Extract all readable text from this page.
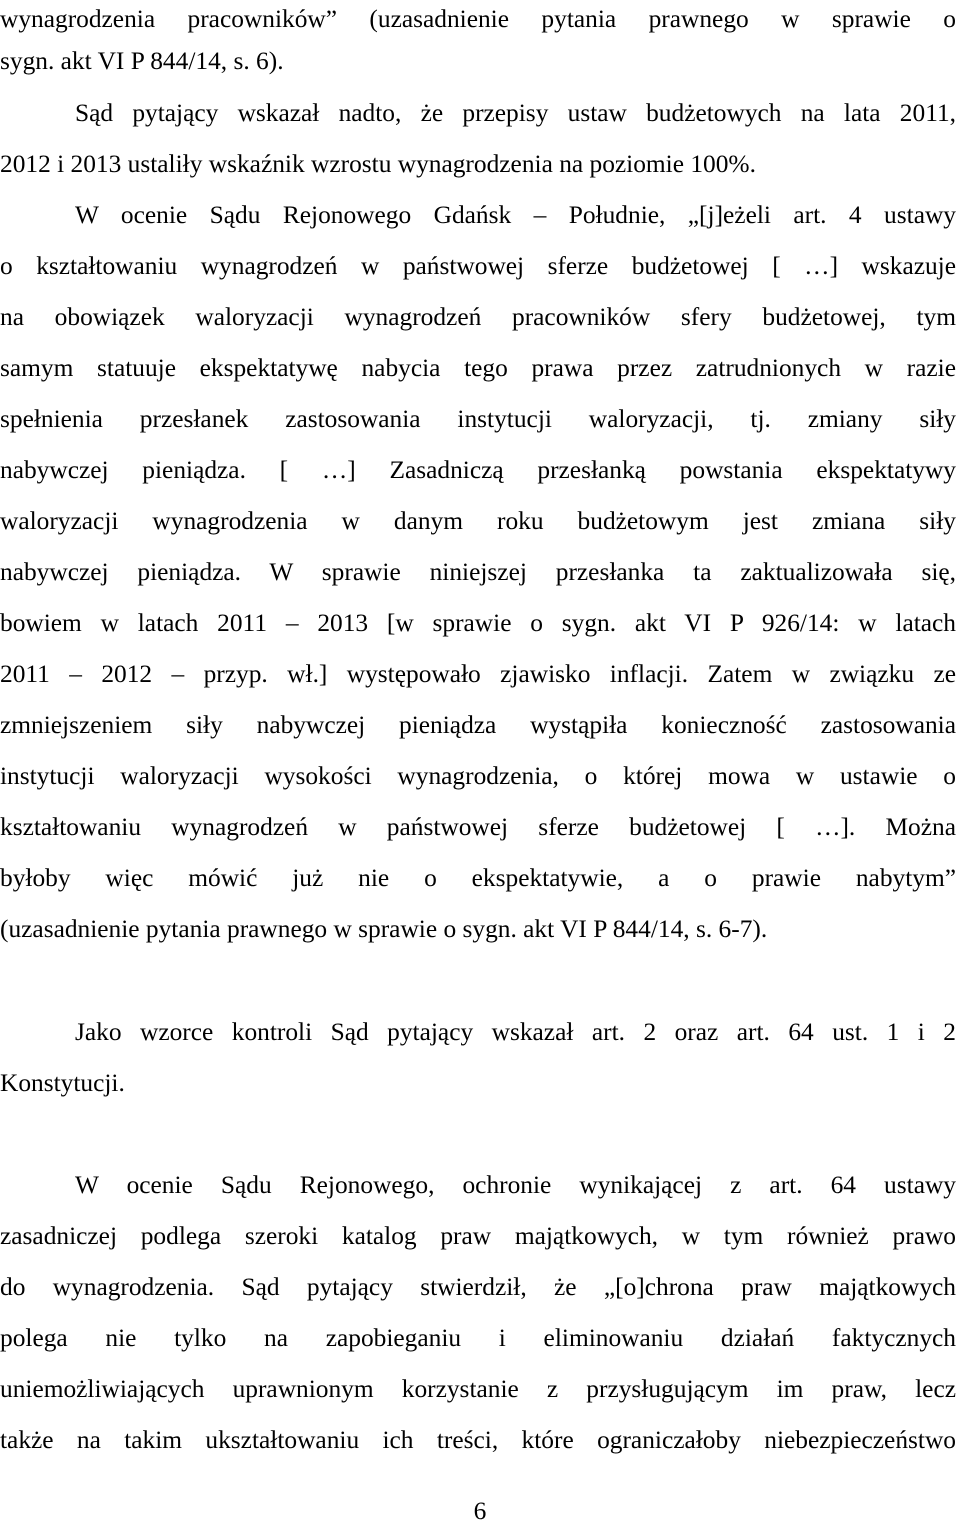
wynagrodzenia pracowników” (uzasadnienie pytania prawnego w sprawie o
sygn. akt VI P 844/14, s. 6).
Sąd pytający wskazał nadto, że przepisy ustaw budżetowych na lata 2011,
2012 i 2013 ustaliły wskaźnik wzrostu wynagrodzenia na poziomie 100%.
W ocenie Sądu Rejonowego Gdańsk – Południe, „[j]eżeli art. 4 ustawy
o kształtowaniu wynagrodzeń w państwowej sferze budżetowej [ …] wskazuje
na obowiązek waloryzacji wynagrodzeń pracowników sfery budżetowej, tym
samym statuuje ekspektatywę nabycia tego prawa przez zatrudnionych w razie
spełnienia przesłanek zastosowania instytucji waloryzacji, tj. zmiany siły
nabywczej pieniądza. [ …] Zasadniczą przesłanką powstania ekspektatywy
waloryzacji wynagrodzenia w danym roku budżetowym jest zmiana siły
nabywczej pieniądza. W sprawie niniejszej przesłanka ta zaktualizowała się,
bowiem w latach 2011 – 2013 [w sprawie o sygn. akt VI P 926/14: w latach
2011 – 2012 – przyp. wł.] występowało zjawisko inflacji. Zatem w związku ze
zmniejszeniem siły nabywczej pieniądza wystąpiła konieczność zastosowania
instytucji waloryzacji wysokości wynagrodzenia, o której mowa w ustawie o
kształtowaniu wynagrodzeń w państwowej sferze budżetowej [ …]. Można
byłoby więc mówić już nie o ekspektatywie, a o prawie nabytym”
(uzasadnienie pytania prawnego w sprawie o sygn. akt VI P 844/14, s. 6-7).
Jako wzorce kontroli Sąd pytający wskazał art. 2 oraz art. 64 ust. 1 i 2
Konstytucji.
W ocenie Sądu Rejonowego, ochronie wynikającej z art. 64 ustawy
zasadniczej podlega szeroki katalog praw majątkowych, w tym również prawo
do wynagrodzenia. Sąd pytający stwierdził, że „[o]chrona praw majątkowych
polega nie tylko na zapobieganiu i eliminowaniu działań faktycznych
uniemożliwiających uprawnionym korzystanie z przysługującym im praw, lecz
także na takim ukształtowaniu ich treści, które ograniczałoby niebezpieczeństwo
6
